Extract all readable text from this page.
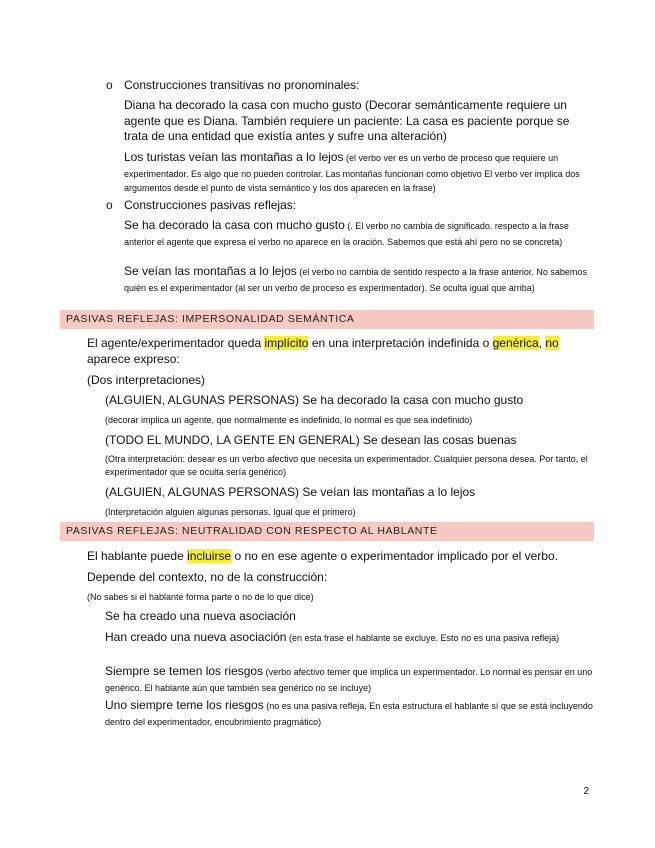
o Construcciones transitivas no pronominales:
Diana ha decorado la casa con mucho gusto (Decorar semánticamente requiere un agente que es Diana. También requiere un paciente: La casa es paciente porque se trata de una entidad que existía antes y sufre una alteración)
Los turistas veían las montañas a lo lejos (el verbo ver es un verbo de proceso que requiere un experimentador. Es algo que no pueden controlar. Las montañas funcionan como objetivo El verbo ver implica dos argumentos desde el punto de vista semántico y los dos aparecen en la frase)
o Construcciones pasivas reflejas:
Se ha decorado la casa con mucho gusto (. El verbo no cambia de significado. respecto a la frase anterior el agente que expresa el verbo no aparece en la oración. Sabemos que está ahí pero no se concreta)
Se veían las montañas a lo lejos (el verbo no cambia de sentido respecto a la frase anterior. No sabemos quién es el experimentador (al ser un verbo de proceso es experimentador). Se oculta igual que arriba)
PASIVAS REFLEJAS: IMPERSONALIDAD SEMÁNTICA
El agente/experimentador queda implícito en una interpretación indefinida o genérica, no aparece expreso:
(Dos interpretaciones)
(ALGUIEN, ALGUNAS PERSONAS) Se ha decorado la casa con mucho gusto
(decorar implica un agente, que normalmente es indefinido, lo normal es que sea indefinido)
(TODO EL MUNDO, LA GENTE EN GENERAL) Se desean las cosas buenas
(Otra interpretación: desear es un verbo afectivo que necesita un experimentador. Cualquier persona desea. Por tanto, el experimentador que se oculta sería genérico)
(ALGUIEN, ALGUNAS PERSONAS) Se veían las montañas a lo lejos
(Interpretación alguien algunas personas. Igual que el primero)
PASIVAS REFLEJAS: NEUTRALIDAD CON RESPECTO AL HABLANTE
El hablante puede incluirse o no en ese agente o experimentador implicado por el verbo.
Depende del contexto, no de la construcción:
(No sabes si el hablante forma parte o no de lo que dice)
Se ha creado una nueva asociación
Han creado una nueva asociación (en esta frase el hablante se excluye. Esto no es una pasiva refleja)
Siempre se temen los riesgos (verbo afectivo temer que implica un experimentador. Lo normal es pensar en uno genérico. El hablante aún que también sea genérico no se incluye)
Uno siempre teme los riesgos (no es una pasiva refleja. En esta estructura el hablante sí que se está incluyendo dentro del experimentador, encubrimiento pragmático)
2
